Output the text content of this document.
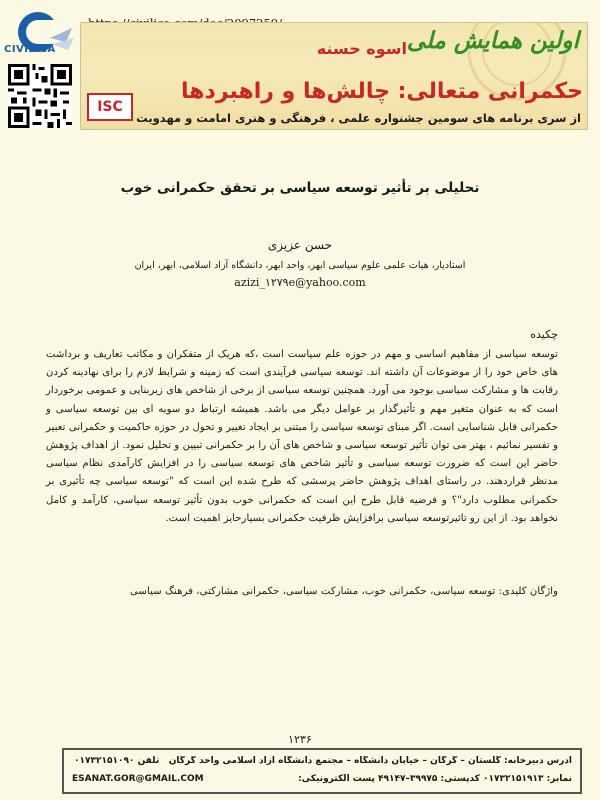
CIVILICA	اولین همایش ملی
اسوه حسنه
حکمرانی متعالی: چالش‌ها و راهبردها
از سری برنامه های سومین جشنواره علمی ، فرهنگی و هنری امامت و مهدویت
ISC
تحلیلی بر تأثیر توسعه سیاسی بر تحقق حکمرانی خوب
حسن عزیزی
استادیار، هیات علمی علوم سیاسی ابهر، واحد ابهر، دانشگاه آزاد اسلامی، ابهر، ایران
azizi_۱۲۷۹e@yahoo.com
چکیده
توسعه سیاسی از مفاهیم اساسی و مهم در حوزه علم سیاست است ،که هریک از متفکران و مکاتب تعاریف و برداشت های خاص خود را از موضوعات آن داشته اند. توسعه سیاسی فرآیندی است که زمینه و شرایط لازم را برای نهادینه کردن رقابت ها و مشارکت سیاسی بوجود می آورد. همچنین توسعه سیاسی از برخی از شاخص های زیربنایی و عمومی برخوردار است که به عنوان متغیر مهم و تأثیرگذار بر عوامل دیگر می باشد. همیشه ارتباط دو سویه ای بین توسعه سیاسی و حکمرانی قابل شناسایی است. اگر مبنای توسعه سیاسی را مبتنی بر ایجاد تغییر و تحول در حوزه حاکمیت و حکمرانی تعبیر و تفسیر نمائیم ، بهتر می توان تأثیر توسعه سیاسی و شاخص های آن را بر حکمرانی تبیین و تحلیل نمود. از اهداف پژوهش حاضر این است که ضرورت توسعه سیاسی و تأثیر شاخص های توسعه سیاسی را در افزایش کارآمدی نظام سیاسی مدنظر قراردهند. در راستای اهداف پژوهش حاضر پرسشی که طرح شده این است که "توسعه سیاسی چه تأثیری بر حکمرانی مطلوب دارد"؟ و فرضیه قابل طرح این است که حکمرانی خوب بدون تأثیر توسعه سیاسی، کارآمد و کامل نخواهد بود. از این رو تاثیرتوسعه سیاسی برافزایش ظرفیت حکمرانی بسیارحایز اهمیت است.
واژگان کلیدی: توسعه سیاسی، حکمرانی خوب، مشارکت سیاسی، حکمرانی مشارکتی، فرهنگ سیاسی
۱۲۳۶
آدرس دبیرخانه: گلستان – گرگان – خیابان دانشگاه – مجتمع دانشگاه آزاد اسلامی واحد گرگان
تلفن ۰۱۷۳۲۱۵۱۰۹۰
نمابر: ۰۱۷۳۲۱۵۱۹۱۳ کدپستی: ۳۹۹۷۵–۴۹۱۴۷ پست الکترونیکی:
ESANAT.GOR@GMAIL.COM
